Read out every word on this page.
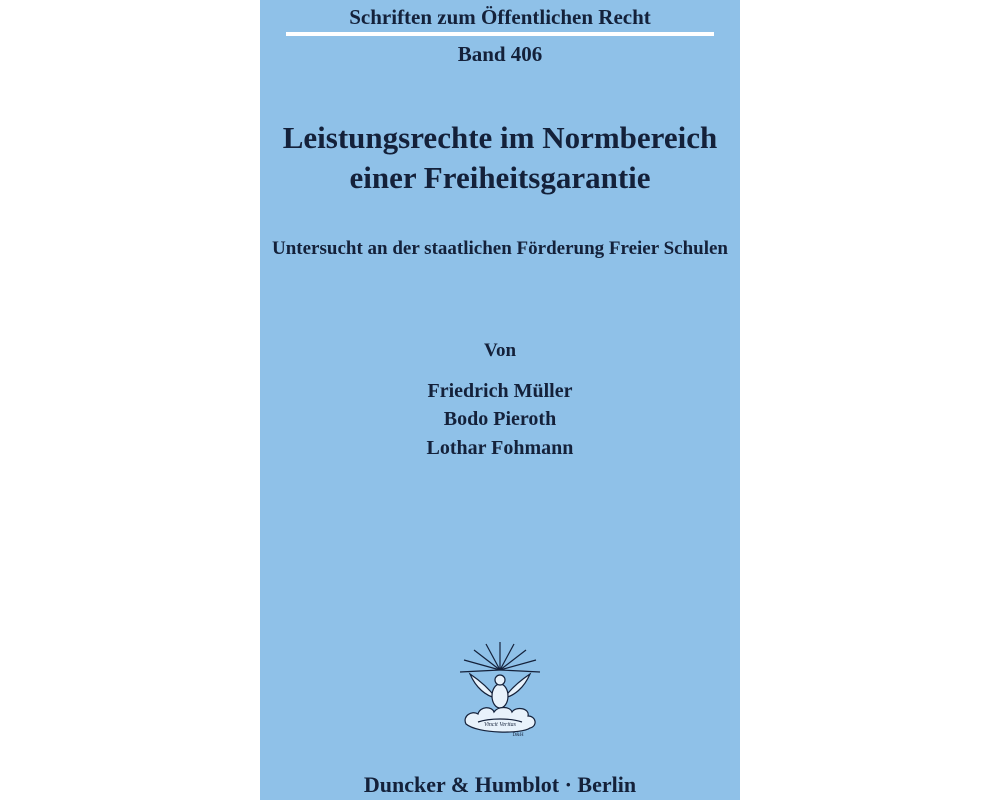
Schriften zum Öffentlichen Recht
Band 406
Leistungsrechte im Normbereich
einer Freiheitsgarantie
Untersucht an der staatlichen Förderung Freier Schulen
Von
Friedrich Müller
Bodo Pieroth
Lothar Fohmann
Vincit Veritas
D&H
Duncker & Humblot · Berlin
